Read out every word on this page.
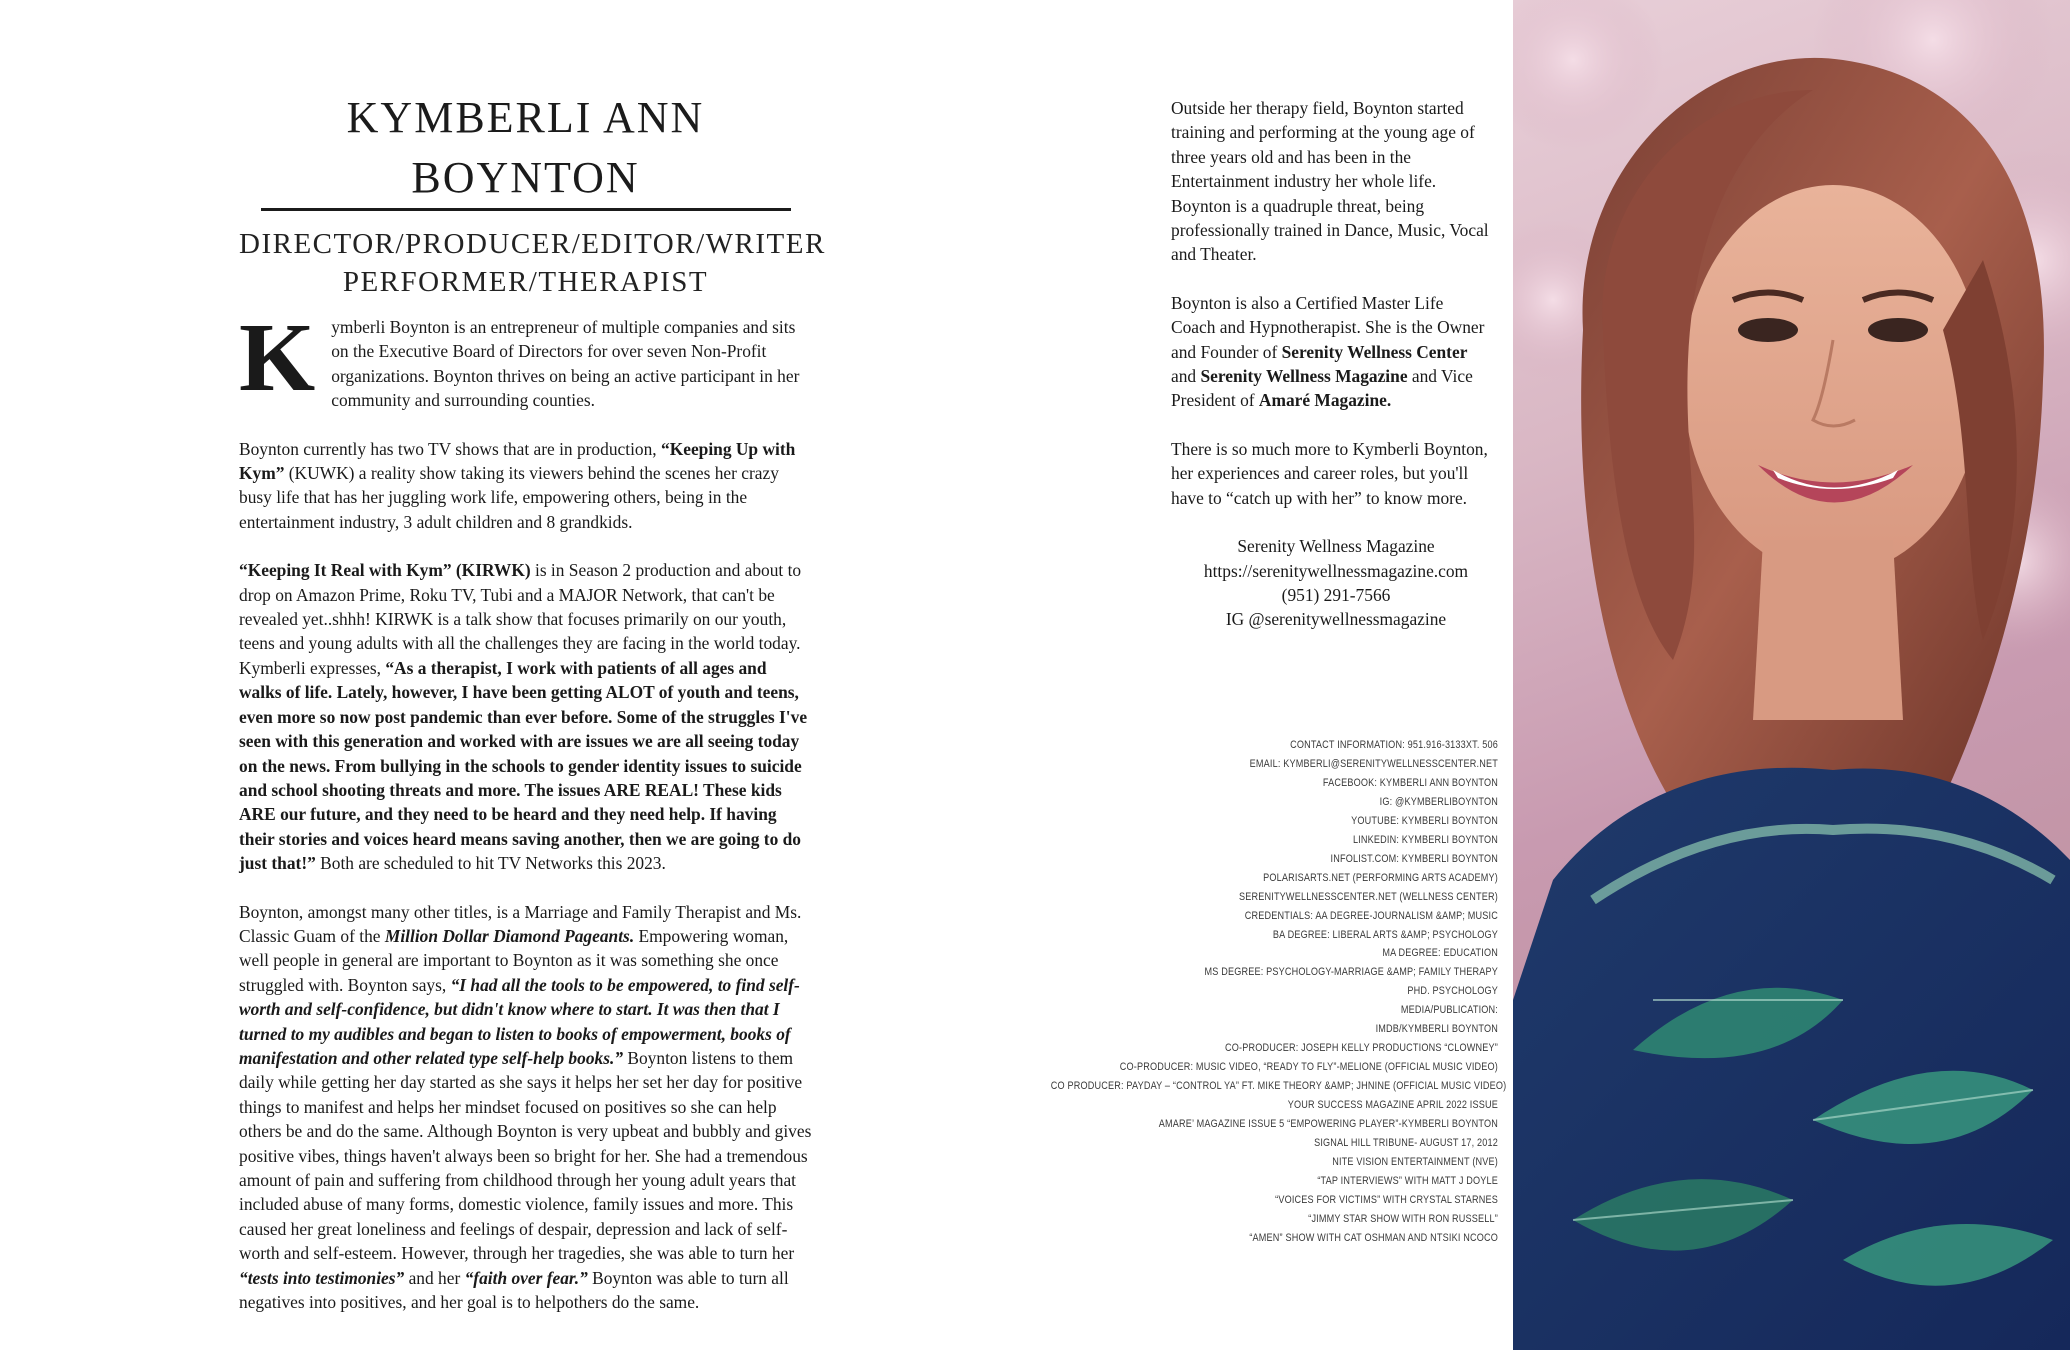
KYMBERLI ANN BOYNTON
DIRECTOR/PRODUCER/EDITOR/WRITER
PERFORMER/THERAPIST

Kymberli Boynton is an entrepreneur of multiple companies and sits on the Executive Board of Directors for over seven Non-Profit organizations. Boynton thrives on being an active participant in her community and surrounding counties.

Boynton currently has two TV shows that are in production, “Keeping Up with Kym” (KUWK) a reality show taking its viewers behind the scenes her crazy busy life that has her juggling work life, empowering others, being in the entertainment industry, 3 adult children and 8 grandkids.

“Keeping It Real with Kym” (KIRWK) is in Season 2 production and about to drop on Amazon Prime, Roku TV, Tubi and a MAJOR Network, that can't be revealed yet..shhh! KIRWK is a talk show that focuses primarily on our youth, teens and young adults with all the challenges they are facing in the world today. Kymberli expresses, “As a therapist, I work with patients of all ages and walks of life. Lately, however, I have been getting ALOT of youth and teens, even more so now post pandemic than ever before. Some of the struggles I've seen with this generation and worked with are issues we are all seeing today on the news. From bullying in the schools to gender identity issues to suicide and school shooting threats and more. The issues ARE REAL! These kids ARE our future, and they need to be heard and they need help. If having their stories and voices heard means saving another, then we are going to do just that!” Both are scheduled to hit TV Networks this 2023.

Boynton, amongst many other titles, is a Marriage and Family Therapist and Ms. Classic Guam of the Million Dollar Diamond Pageants. Empowering woman, well people in general are important to Boynton as it was something she once struggled with. Boynton says, “I had all the tools to be empowered, to find self-worth and self-confidence, but didn't know where to start. It was then that I turned to my audibles and began to listen to books of empowerment, books of manifestation and other related type self-help books.” Boynton listens to them daily while getting her day started as she says it helps her set her day for positive things to manifest and helps her mindset focused on positives so she can help others be and do the same. Although Boynton is very upbeat and bubbly and gives positive vibes, things haven't always been so bright for her. She had a tremendous amount of pain and suffering from childhood through her young adult years that included abuse of many forms, domestic violence, family issues and more. This caused her great loneliness and feelings of despair, depression and lack of self-worth and self-esteem. However, through her tragedies, she was able to turn her “tests into testimonies” and her “faith over fear.” Boynton was able to turn all negatives into positives, and her goal is to helpothers do the same.

Outside her therapy field, Boynton started training and performing at the young age of three years old and has been in the Entertainment industry her whole life. Boynton is a quadruple threat, being professionally trained in Dance, Music, Vocal and Theater.

Boynton is also a Certified Master Life Coach and Hypnotherapist. She is the Owner and Founder of Serenity Wellness Center and Serenity Wellness Magazine and Vice President of Amaré Magazine.

There is so much more to Kymberli Boynton, her experiences and career roles, but you'll have to “catch up with her” to know more.

Serenity Wellness Magazine
https://serenitywellnessmagazine.com
(951) 291-7566
IG @serenitywellnessmagazine
CONTACT INFORMATION: 951.916-3133XT. 506
EMAIL: KYMBERLI@SERENITYWELLNESSCENTER.NET
FACEBOOK: KYMBERLI ANN BOYNTON
IG: @KYMBERLIBOYNTON
YOUTUBE: KYMBERLI BOYNTON
LINKEDIN: KYMBERLI BOYNTON
INFOLIST.COM: KYMBERLI BOYNTON
POLARISARTS.NET (PERFORMING ARTS ACADEMY)
SERENITYWELLNESSCENTER.NET (WELLNESS CENTER)
CREDENTIALS: AA DEGREE-JOURNALISM &AMP; MUSIC
BA DEGREE: LIBERAL ARTS &AMP; PSYCHOLOGY
MA DEGREE: EDUCATION
MS DEGREE: PSYCHOLOGY-MARRIAGE &AMP; FAMILY THERAPY
PHD. PSYCHOLOGY
MEDIA/PUBLICATION:
IMDB/KYMBERLI BOYNTON
CO-PRODUCER: JOSEPH KELLY PRODUCTIONS “CLOWNEY”
CO-PRODUCER: MUSIC VIDEO, “READY TO FLY”-MELIONE (OFFICIAL MUSIC VIDEO)
CO PRODUCER: PAYDAY – “CONTROL YA” FT. MIKE THEORY &AMP; JHNINE (OFFICIAL MUSIC VIDEO)
YOUR SUCCESS MAGAZINE APRIL 2022 ISSUE
AMARE’ MAGAZINE ISSUE 5 “EMPOWERING PLAYER”-KYMBERLI BOYNTON
SIGNAL HILL TRIBUNE- AUGUST 17, 2012
NITE VISION ENTERTAINMENT (NVE)
“TAP INTERVIEWS” WITH MATT J DOYLE
“VOICES FOR VICTIMS” WITH CRYSTAL STARNES
“JIMMY STAR SHOW WITH RON RUSSELL”
“AMEN” SHOW WITH CAT OSHMAN AND NTSIKI NCOCO
